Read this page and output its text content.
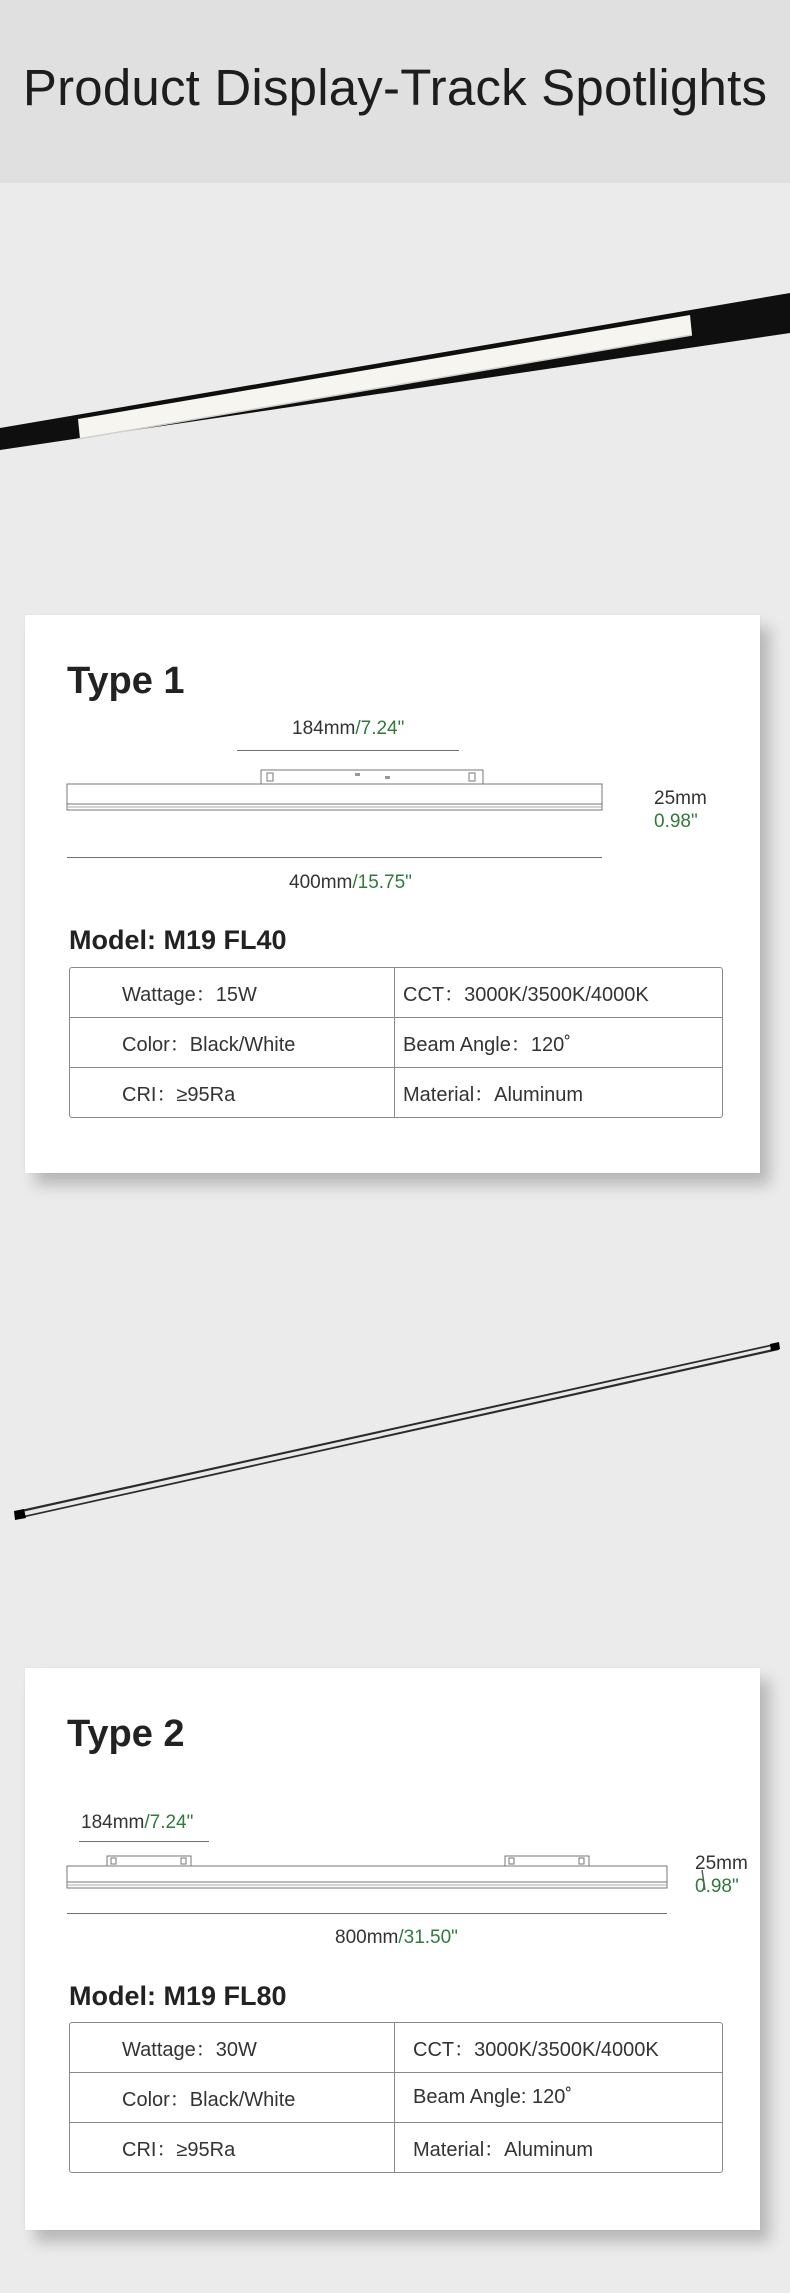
Product Display-Track Spotlights
Type 1
184mm/7.24"
25mm
0.98"
400mm/15.75"
Model: M19 FL40
Wattage：15W	CCT：3000K/3500K/4000K
Color：Black/White	Beam Angle：120˚
CRI：≥95Ra	Material：Aluminum
Type 2
184mm/7.24"
25mm
0.98"
800mm/31.50"
Model: M19 FL80
Wattage：30W	CCT：3000K/3500K/4000K
Color：Black/White	Beam Angle: 120˚
CRI：≥95Ra	Material：Aluminum
